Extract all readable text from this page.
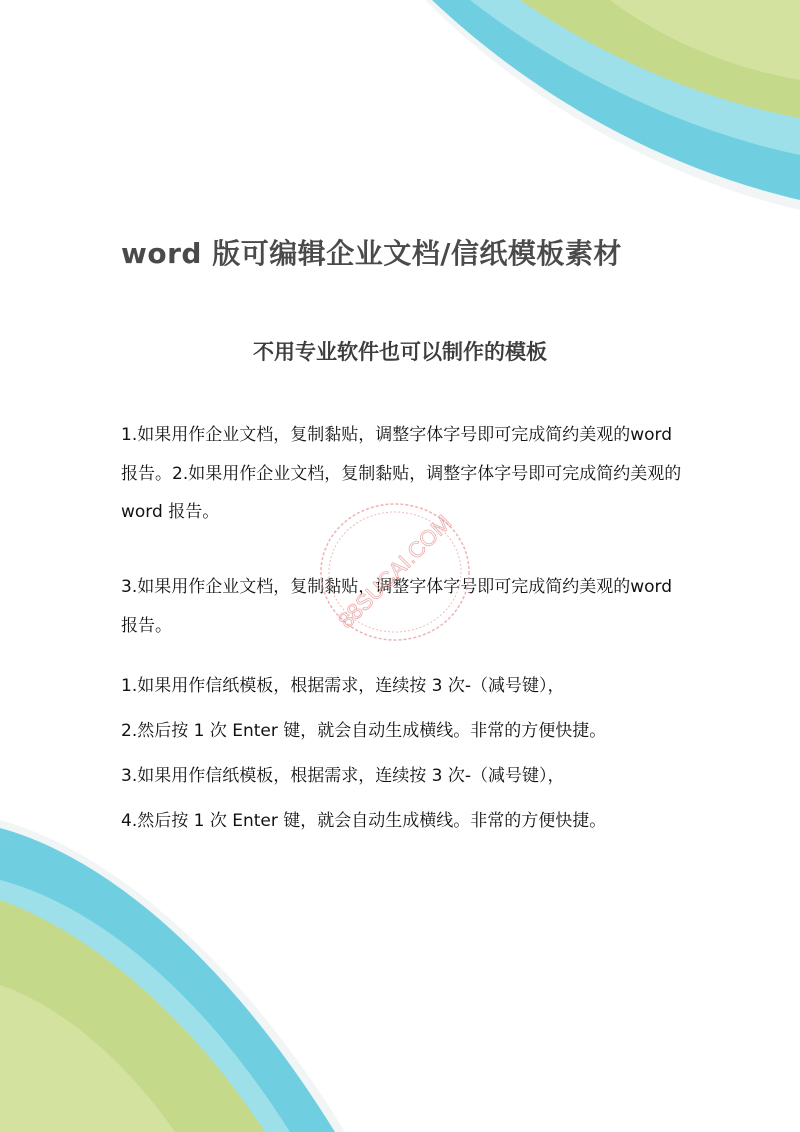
word 版可编辑企业文档/信纸模板素材
不用专业软件也可以制作的模板
1.如果用作企业文档，复制黏贴，调整字体字号即可完成简约美观的word 报告。2.如果用作企业文档，复制黏贴，调整字体字号即可完成简约美观的 word 报告。
3.如果用作企业文档，复制黏贴，调整字体字号即可完成简约美观的word 报告。
1.如果用作信纸模板，根据需求，连续按 3 次-（减号键），
2.然后按 1 次 Enter 键，就会自动生成横线。非常的方便快捷。
3.如果用作信纸模板，根据需求，连续按 3 次-（减号键），
4.然后按 1 次 Enter 键，就会自动生成横线。非常的方便快捷。
88SUCAI.COM
